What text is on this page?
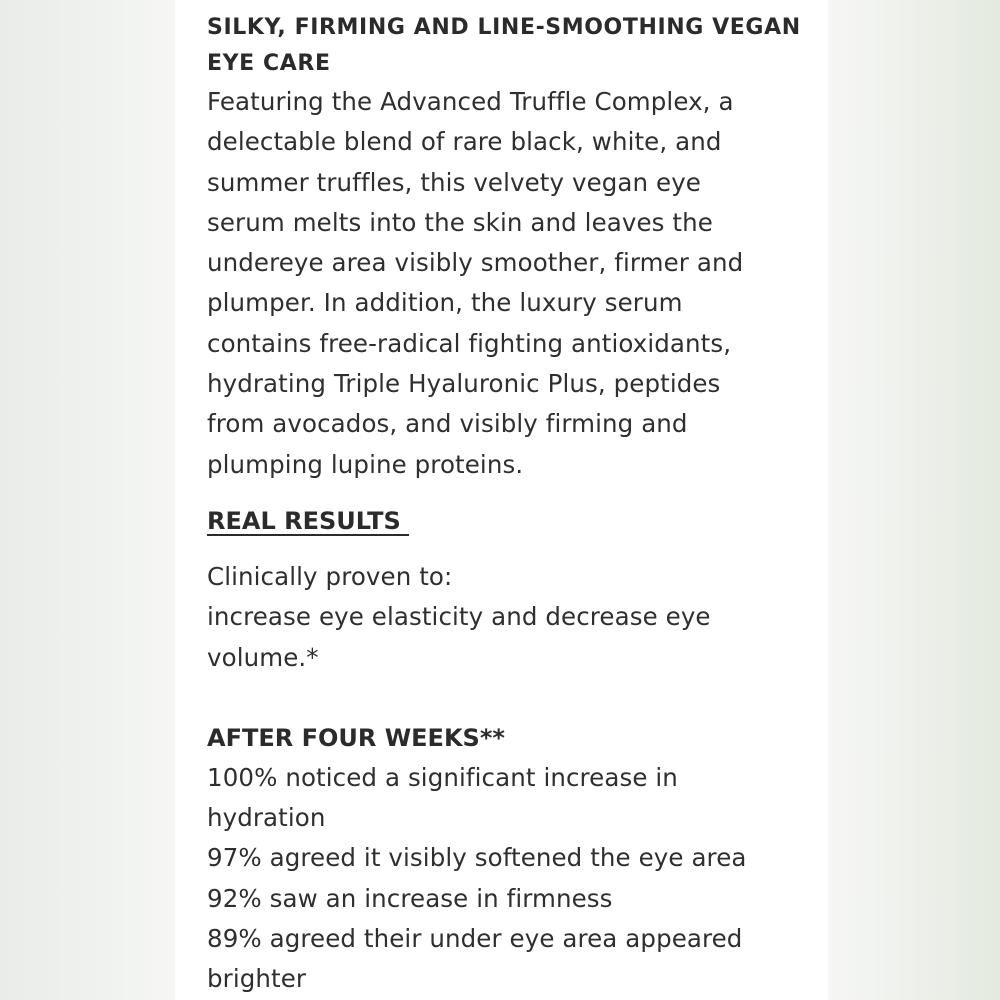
SILKY, FIRMING AND LINE-SMOOTHING VEGAN
EYE CARE
Featuring the Advanced Truffle Complex, a
delectable blend of rare black, white, and
summer truffles, this velvety vegan eye
serum melts into the skin and leaves the
undereye area visibly smoother, firmer and
plumper. In addition, the luxury serum
contains free-radical fighting antioxidants,
hydrating Triple Hyaluronic Plus, peptides
from avocados, and visibly firming and
plumping lupine proteins.
REAL RESULTS
Clinically proven to:
increase eye elasticity and decrease eye
volume.*
AFTER FOUR WEEKS**
100% noticed a significant increase in
hydration
97% agreed it visibly softened the eye area
92% saw an increase in firmness
89% agreed their under eye area appeared
brighter
